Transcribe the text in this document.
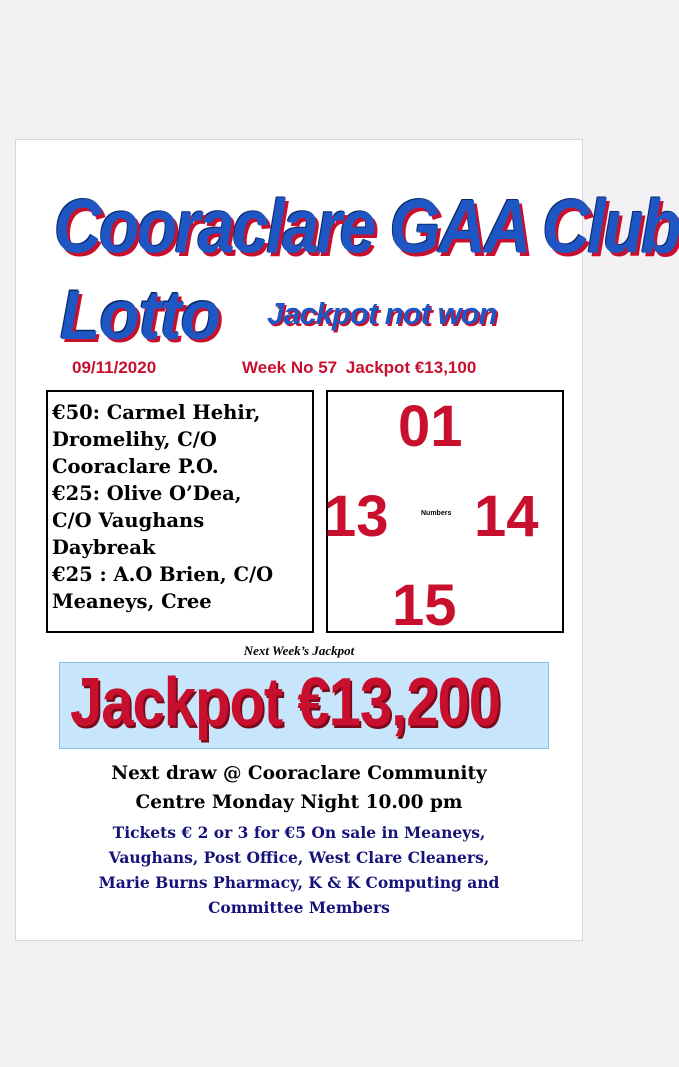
Cooraclare GAA Club
Lotto Jackpot not won
09/11/2020	Week No 57 Jackpot €13,100
€50: Carmel Hehir,
Dromelihy, C/O
Cooraclare P.O.
€25: Olive O’Dea,
C/O Vaughans
Daybreak
€25 : A.O Brien, C/O
Meaneys, Cree
01
13	Numbers 14
15
Next Week’s Jackpot
Jackpot €13,200
Next draw @ Cooraclare Community
Centre Monday Night 10.00 pm
Tickets € 2 or 3 for €5 On sale in Meaneys,
Vaughans, Post Office, West Clare Cleaners,
Marie Burns Pharmacy, K & K Computing and
Committee Members
